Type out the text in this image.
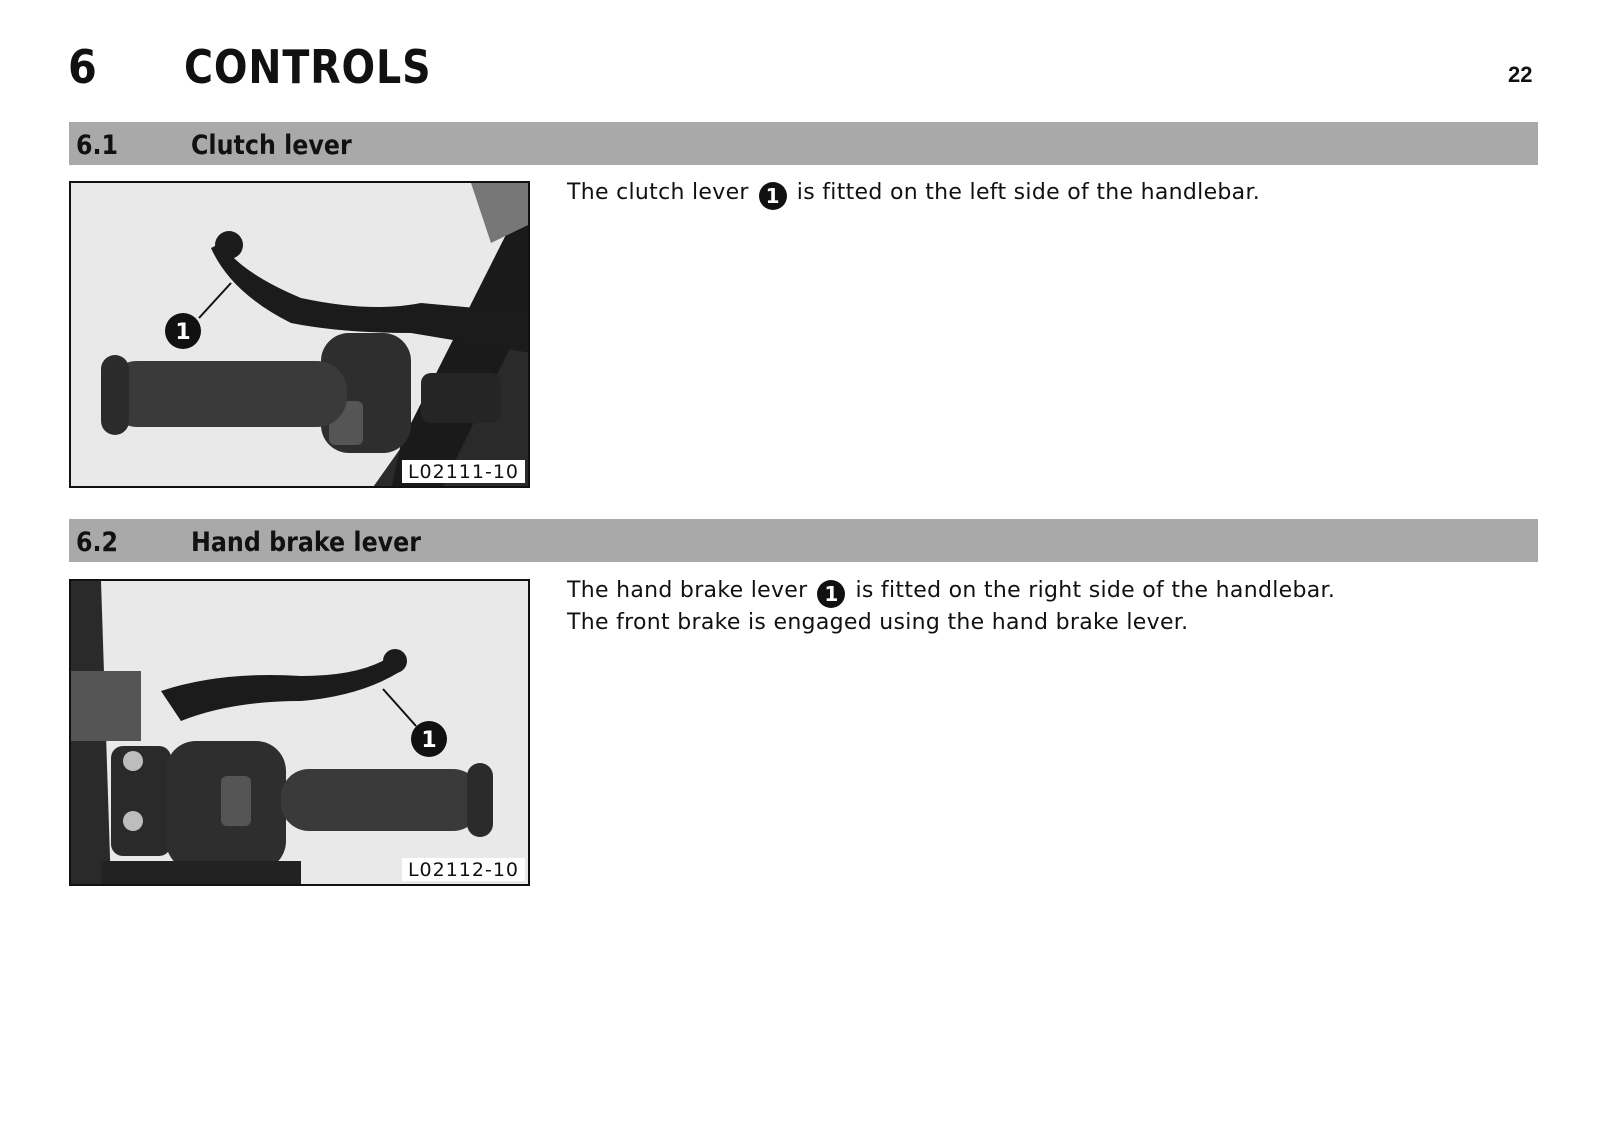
6 CONTROLS	22
6.1	Clutch lever
1
L02111-10
The clutch lever 1 is fitted on the left side of the handlebar.
6.2	Hand brake lever
1
L02112-10
The hand brake lever 1 is fitted on the right side of the handlebar.
The front brake is engaged using the hand brake lever.
